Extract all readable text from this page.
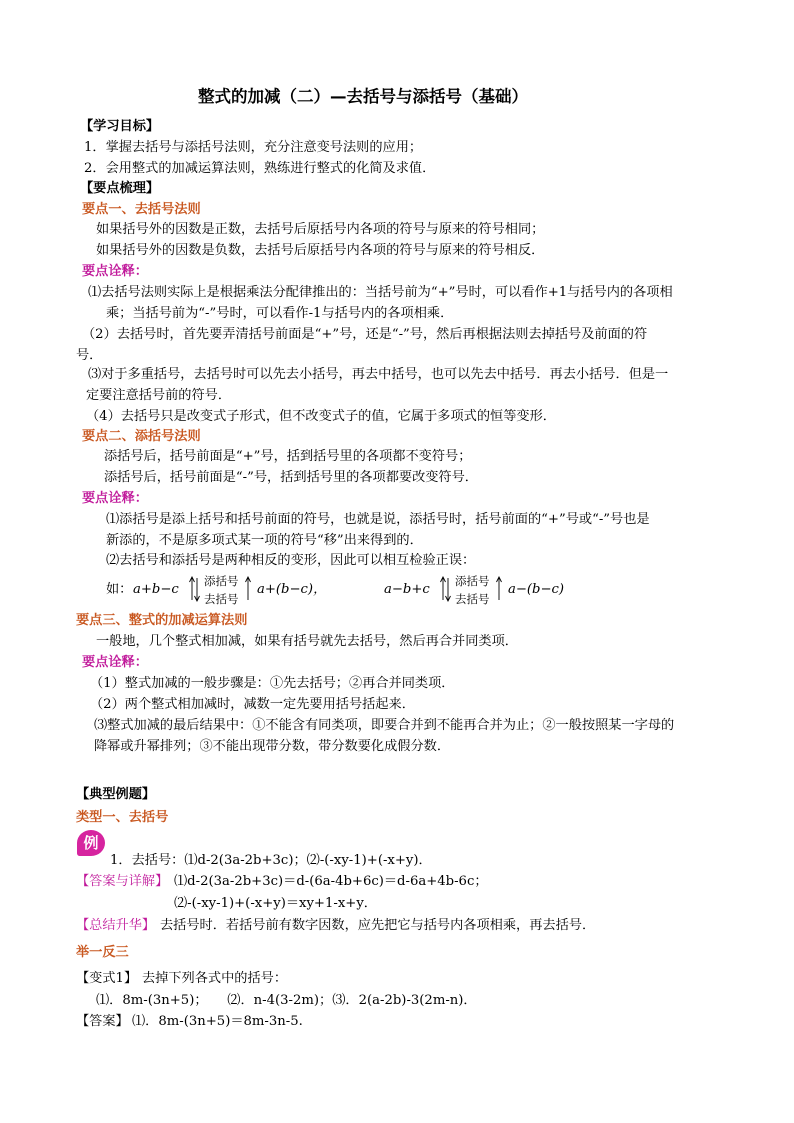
整式的加减（二）—去括号与添括号（基础）
【学习目标】
1．掌握去括号与添括号法则，充分注意变号法则的应用；
2．会用整式的加减运算法则，熟练进行整式的化简及求值．
【要点梳理】
要点一、去括号法则
如果括号外的因数是正数，去括号后原括号内各项的符号与原来的符号相同；
如果括号外的因数是负数，去括号后原括号内各项的符号与原来的符号相反．
要点诠释：
⑴去括号法则实际上是根据乘法分配律推出的：当括号前为“+”号时，可以看作+1与括号内的各项相
乘；当括号前为“-”号时，可以看作-1与括号内的各项相乘．
（2）去括号时，首先要弄清括号前面是“+”号，还是“-”号，然后再根据法则去掉括号及前面的符
号．
⑶对于多重括号，去括号时可以先去小括号，再去中括号，也可以先去中括号．再去小括号．但是一
定要注意括号前的符号．
（4）去括号只是改变式子形式，但不改变式子的值，它属于多项式的恒等变形．
要点二、添括号法则
添括号后，括号前面是“+”号，括到括号里的各项都不变符号；
添括号后，括号前面是“-”号，括到括号里的各项都要改变符号．
要点诠释：
⑴添括号是添上括号和括号前面的符号，也就是说，添括号时，括号前面的“+”号或“-”号也是
新添的，不是原多项式某一项的符号“移”出来得到的．
⑵去括号和添括号是两种相反的变形，因此可以相互检验正误：
如： a+b−c
添括号
去括号
a+(b−c)，	a−b+c
添括号
去括号
a−(b−c)
要点三、整式的加减运算法则
一般地，几个整式相加减，如果有括号就先去括号，然后再合并同类项．
要点诠释：
（1）整式加减的一般步骤是：①先去括号；②再合并同类项．
（2）两个整式相加减时，减数一定先要用括号括起来．
⑶整式加减的最后结果中：①不能含有同类项，即要合并到不能再合并为止；②一般按照某一字母的
降幂或升幂排列；③不能出现带分数，带分数要化成假分数．
【典型例题】
类型一、去括号
例
1．去括号：⑴d-2(3a-2b+3c)；⑵-(-xy-1)+(-x+y)．
【答案与详解】 ⑴d-2(3a-2b+3c)＝d-(6a-4b+6c)＝d-6a+4b-6c；
⑵-(-xy-1)+(-x+y)＝xy+1-x+y．
【总结升华】 去括号时．若括号前有数字因数，应先把它与括号内各项相乘，再去括号．
举一反三
【变式1】 去掉下列各式中的括号：
⑴．8m-(3n+5)；　　⑵．n-4(3-2m)；⑶．2(a-2b)-3(2m-n)．
【答案】 ⑴．8m-(3n+5)＝8m-3n-5.
